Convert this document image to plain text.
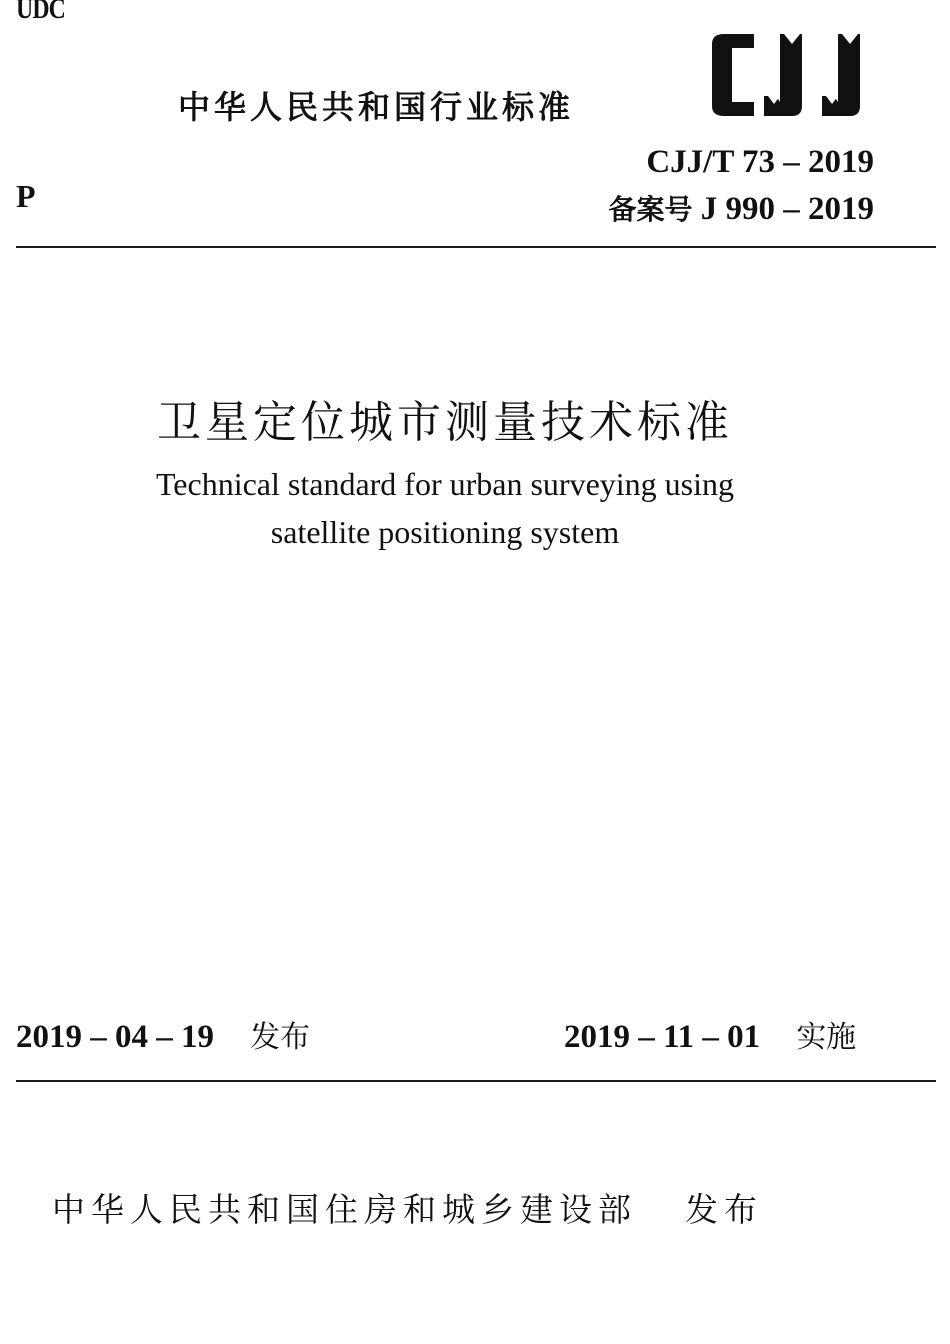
UDC
中华人民共和国行业标准
CJJ/T 73 – 2019
备案号 J 990 – 2019
P
卫星定位城市测量技术标准
Technical standard for urban surveying using
satellite positioning system
2019 – 04 – 19 发布	2019 – 11 – 01 实施
中华人民共和国住房和城乡建设部 发布
